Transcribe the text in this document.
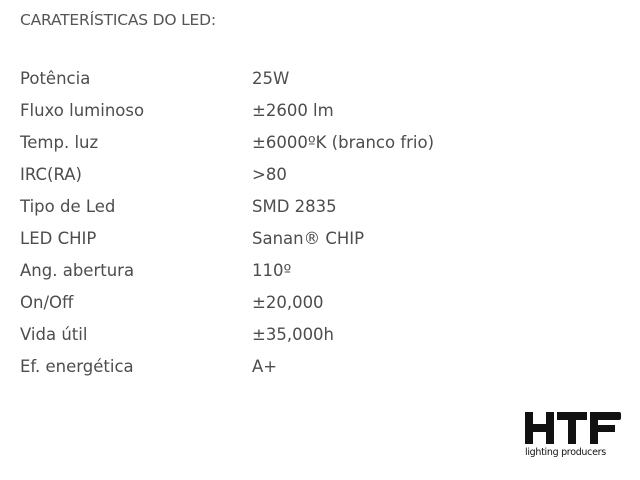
CARATERÍSTICAS DO LED:
Potência	25W
Fluxo luminoso	±2600 lm
Temp. luz	±6000ºK (branco frio)
IRC(RA)	>80
Tipo de Led	SMD 2835
LED CHIP	Sanan® CHIP
Ang. abertura	110º
On/Off	±20,000
Vida útil	±35,000h
Ef. energética	A+
lighting producers
